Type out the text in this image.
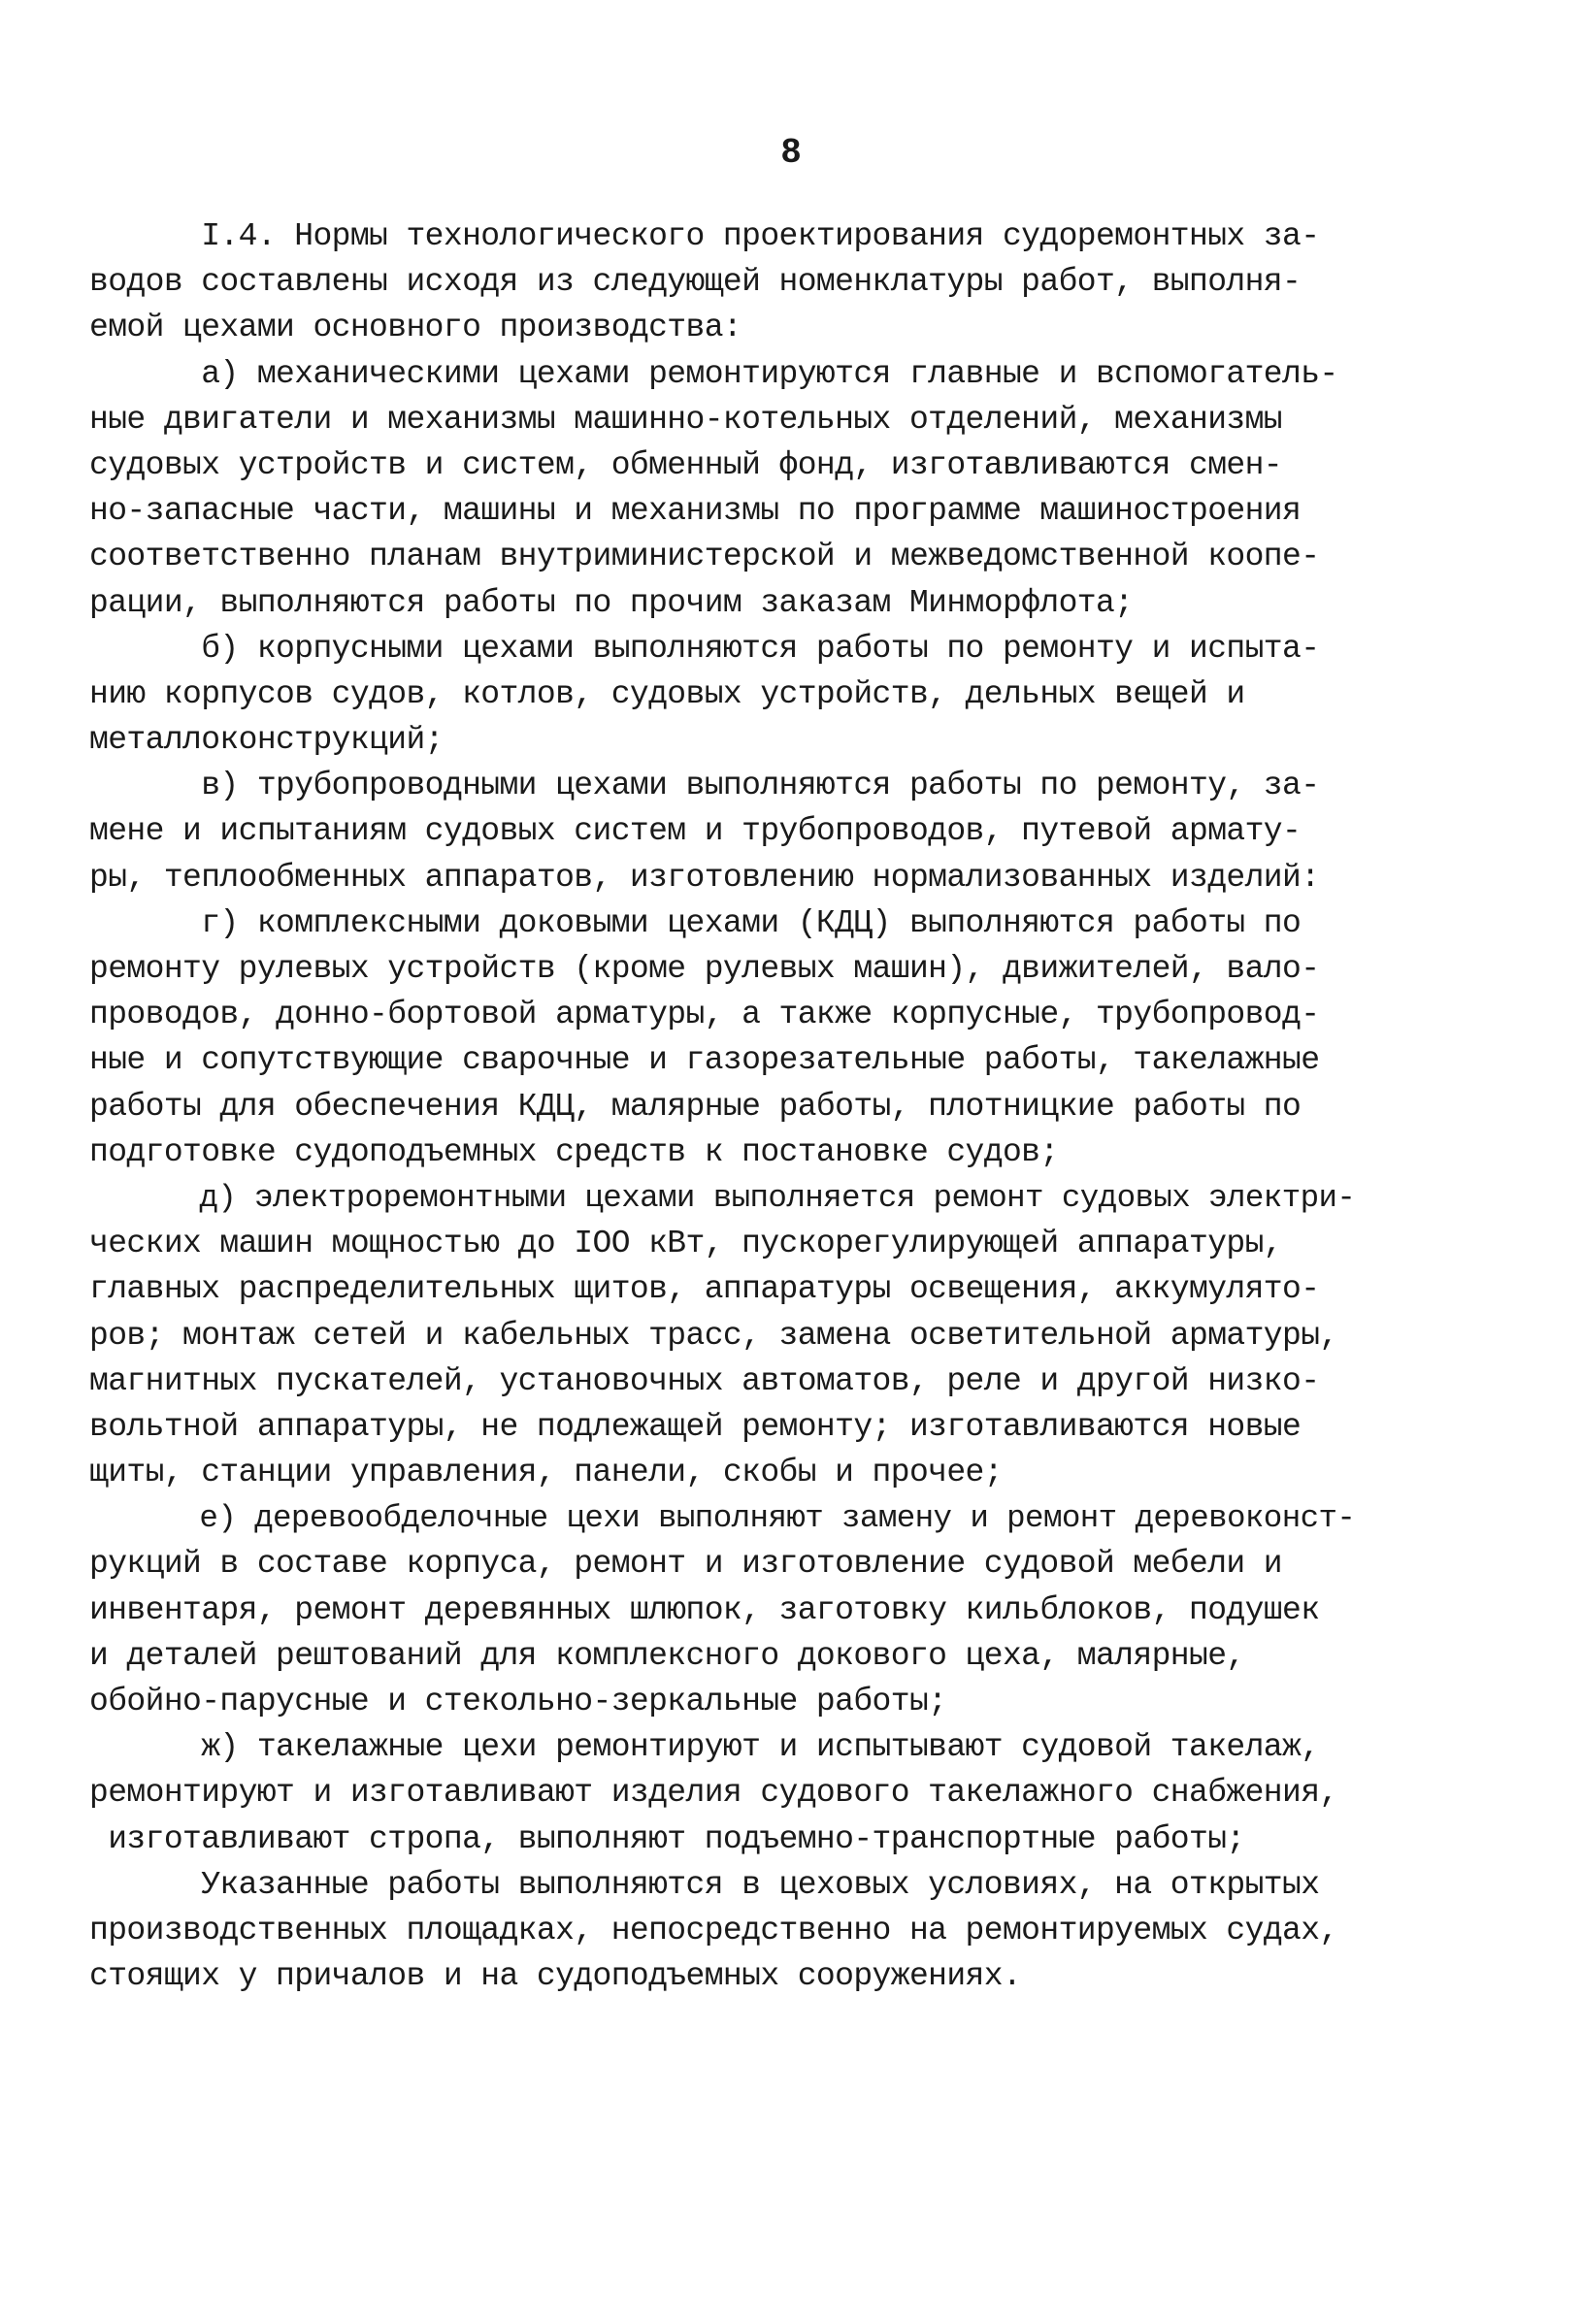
8
I.4. Нормы технологического проектирования судоремонтных за-
водов составлены исходя из следующей номенклатуры работ, выполня-
емой цехами основного производства:
а) механическими цехами ремонтируются главные и вспомогатель-
ные двигатели и механизмы машинно-котельных отделений, механизмы
судовых устройств и систем, обменный фонд, изготавливаются смен-
но-запасные части, машины и механизмы по программе машиностроения
соответственно планам внутриминистерской и межведомственной коопе-
рации, выполняются работы по прочим заказам Минморфлота;
б) корпусными цехами выполняются работы по ремонту и испыта-
нию корпусов судов, котлов, судовых устройств, дельных вещей и
металлоконструкций;
в) трубопроводными цехами выполняются работы по ремонту, за-
мене и испытаниям судовых систем и трубопроводов, путевой армату-
ры, теплообменных аппаратов, изготовлению нормализованных изделий:
г) комплексными доковыми цехами (КДЦ) выполняются работы по
ремонту рулевых устройств (кроме рулевых машин), движителей, вало-
проводов, донно-бортовой арматуры, а также корпусные, трубопровод-
ные и сопутствующие сварочные и газорезательные работы, такелажные
работы для обеспечения КДЦ, малярные работы, плотницкие работы по
подготовке судоподъемных средств к постановке судов;
д) электроремонтными цехами выполняется ремонт судовых электри-
ческих машин мощностью до IOO кВт, пускорегулирующей аппаратуры,
главных распределительных щитов, аппаратуры освещения, аккумулято-
ров; монтаж сетей и кабельных трасс, замена осветительной арматуры,
магнитных пускателей, установочных автоматов, реле и другой низко-
вольтной аппаратуры, не подлежащей ремонту; изготавливаются новые
щиты, станции управления, панели, скобы и прочее;
е) деревообделочные цехи выполняют замену и ремонт деревоконст-
рукций в составе корпуса, ремонт и изготовление судовой мебели и
инвентаря, ремонт деревянных шлюпок, заготовку кильблоков, подушек
и деталей рештований для комплексного докового цеха, малярные,
обойно-парусные и стекольно-зеркальные работы;
ж) такелажные цехи ремонтируют и испытывают судовой такелаж,
ремонтируют и изготавливают изделия судового такелажного снабжения,
изготавливают стропа, выполняют подъемно-транспортные работы;
Указанные работы выполняются в цеховых условиях, на открытых
производственных площадках, непосредственно на ремонтируемых судах,
стоящих у причалов и на судоподъемных сооружениях.
